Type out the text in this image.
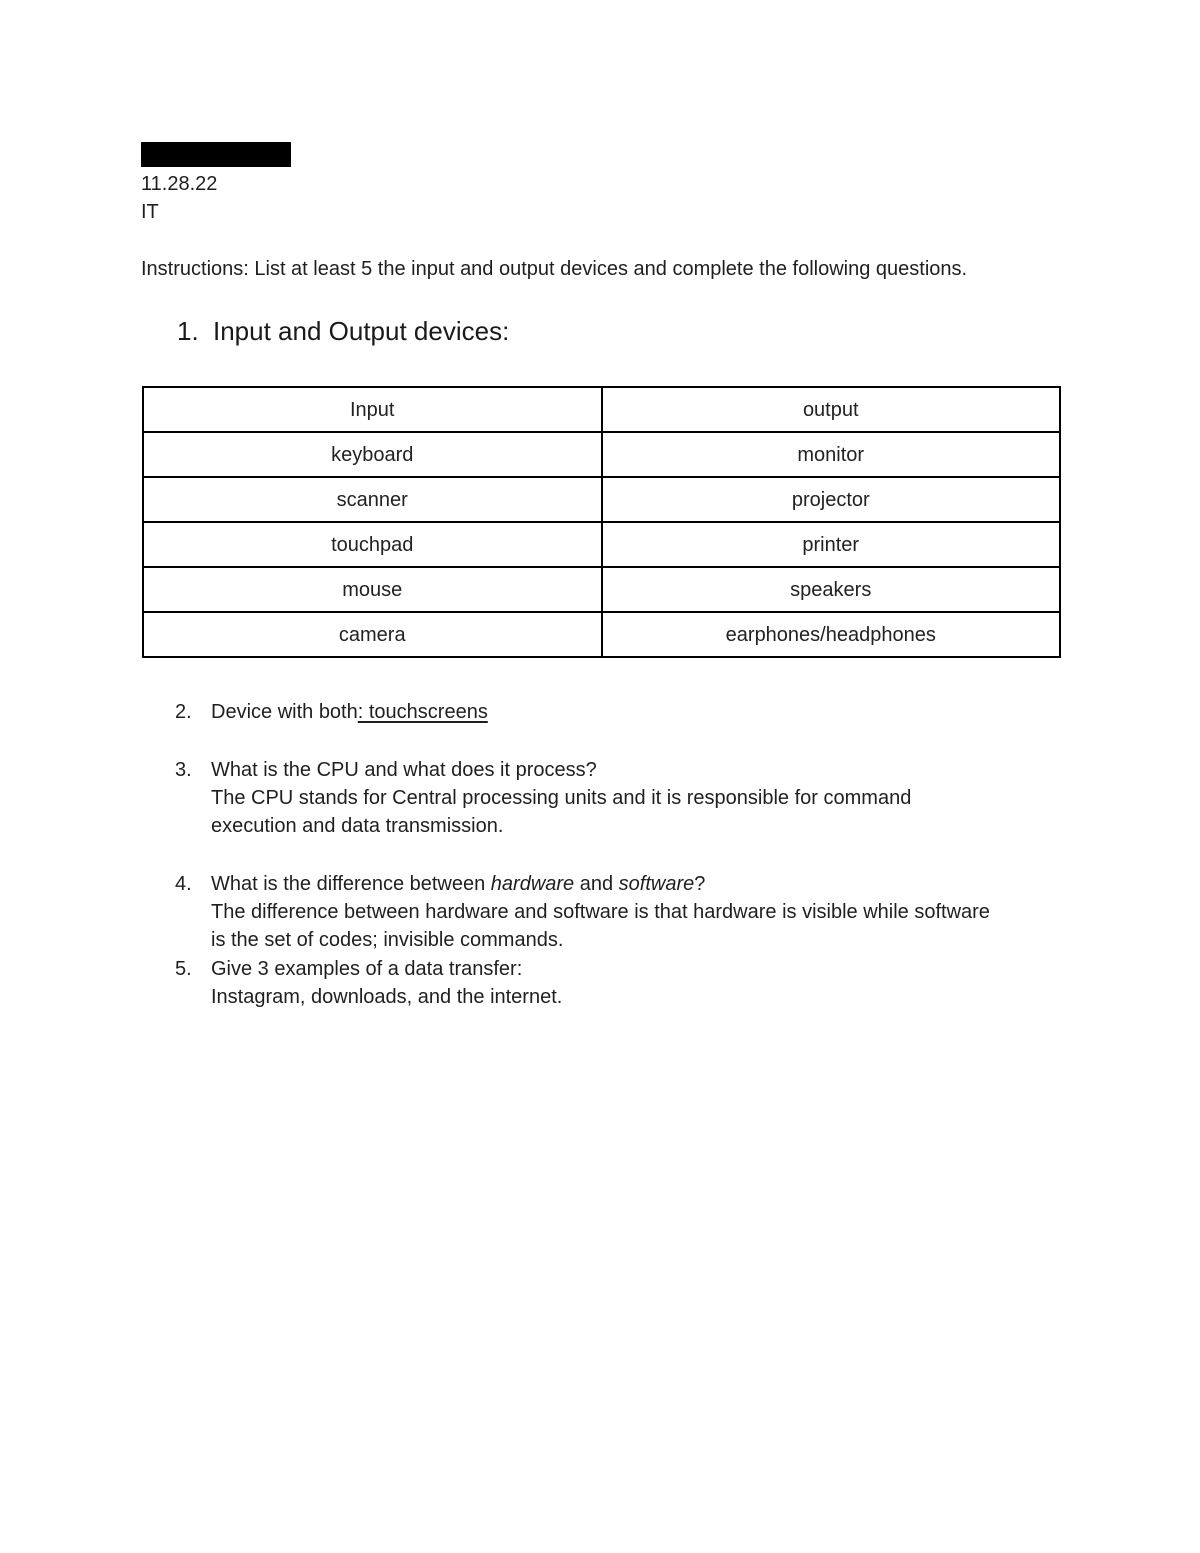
11.28.22
IT
Instructions: List at least 5 the input and output devices and complete the following questions.
1. Input and Output devices:
Input	output
keyboard	monitor
scanner	projector
touchpad	printer
mouse	speakers
camera	earphones/headphones
2. Device with both: touchscreens
3. What is the CPU and what does it process?
The CPU stands for Central processing units and it is responsible for command
execution and data transmission.
4. What is the difference between hardware and software?
The difference between hardware and software is that hardware is visible while software
is the set of codes; invisible commands.
5. Give 3 examples of a data transfer:
Instagram, downloads, and the internet.
